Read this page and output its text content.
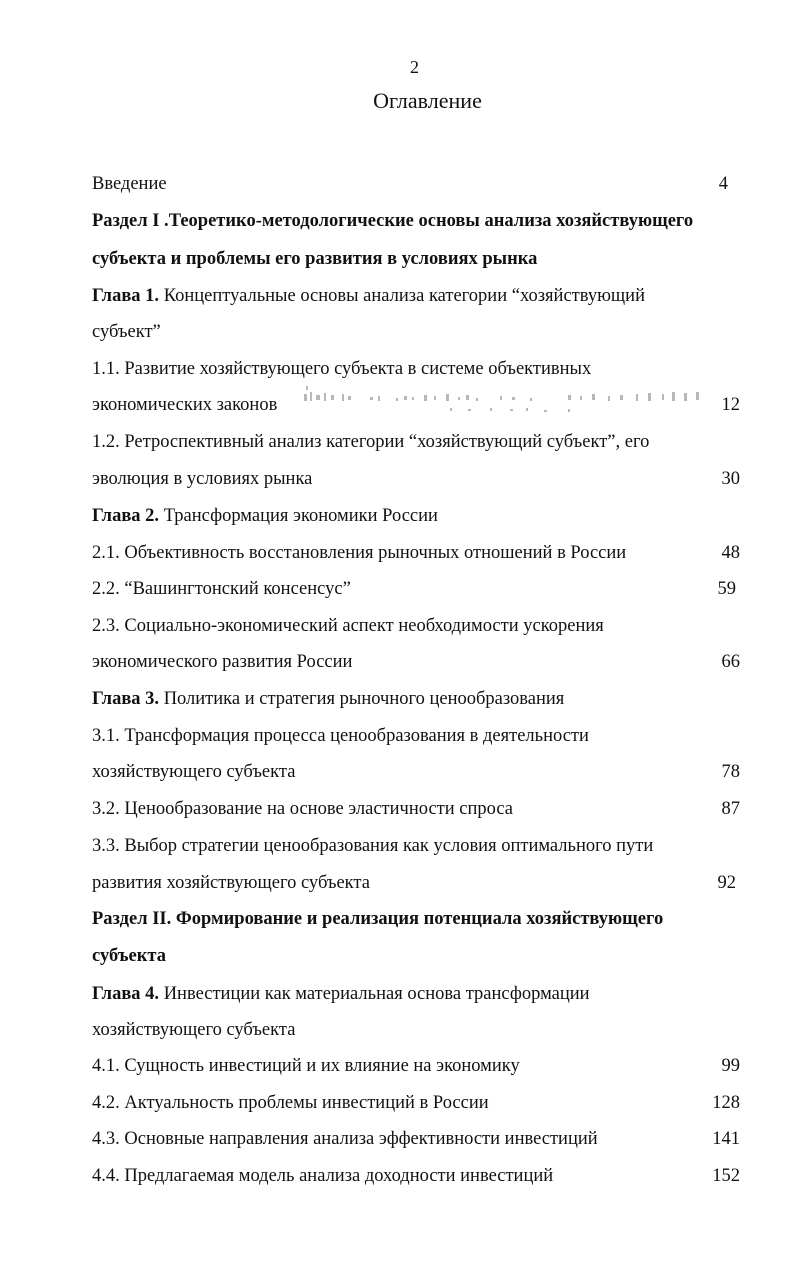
2
Оглавление
Введение	4
Раздел I .Теоретико-методологические основы анализа хозяйствующего
субъекта и проблемы его развития в условиях рынка
Глава 1. Концептуальные основы анализа категории “хозяйствующий
субъект”
1.1. Развитие хозяйствующего субъекта в системе объективных
экономических законов	12
1.2. Ретроспективный анализ категории “хозяйствующий субъект”, его
эволюция в условиях рынка	30
Глава 2. Трансформация экономики России
2.1. Объективность восстановления рыночных отношений в России	48
2.2. “Вашингтонский консенсус”	59
2.3. Социально-экономический аспект необходимости ускорения
экономического развития России	66
Глава 3. Политика и стратегия рыночного ценообразования
3.1. Трансформация процесса ценообразования в деятельности
хозяйствующего субъекта	78
3.2. Ценообразование на основе эластичности спроса	87
3.3. Выбор стратегии ценообразования как условия оптимального пути
развития хозяйствующего субъекта	92
Раздел II. Формирование и реализация потенциала хозяйствующего
субъекта
Глава 4. Инвестиции как материальная основа трансформации
хозяйствующего субъекта
4.1. Сущность инвестиций и их влияние на экономику	99
4.2. Актуальность проблемы инвестиций в России	128
4.3. Основные направления анализа эффективности инвестиций	141
4.4. Предлагаемая модель анализа доходности инвестиций	152
